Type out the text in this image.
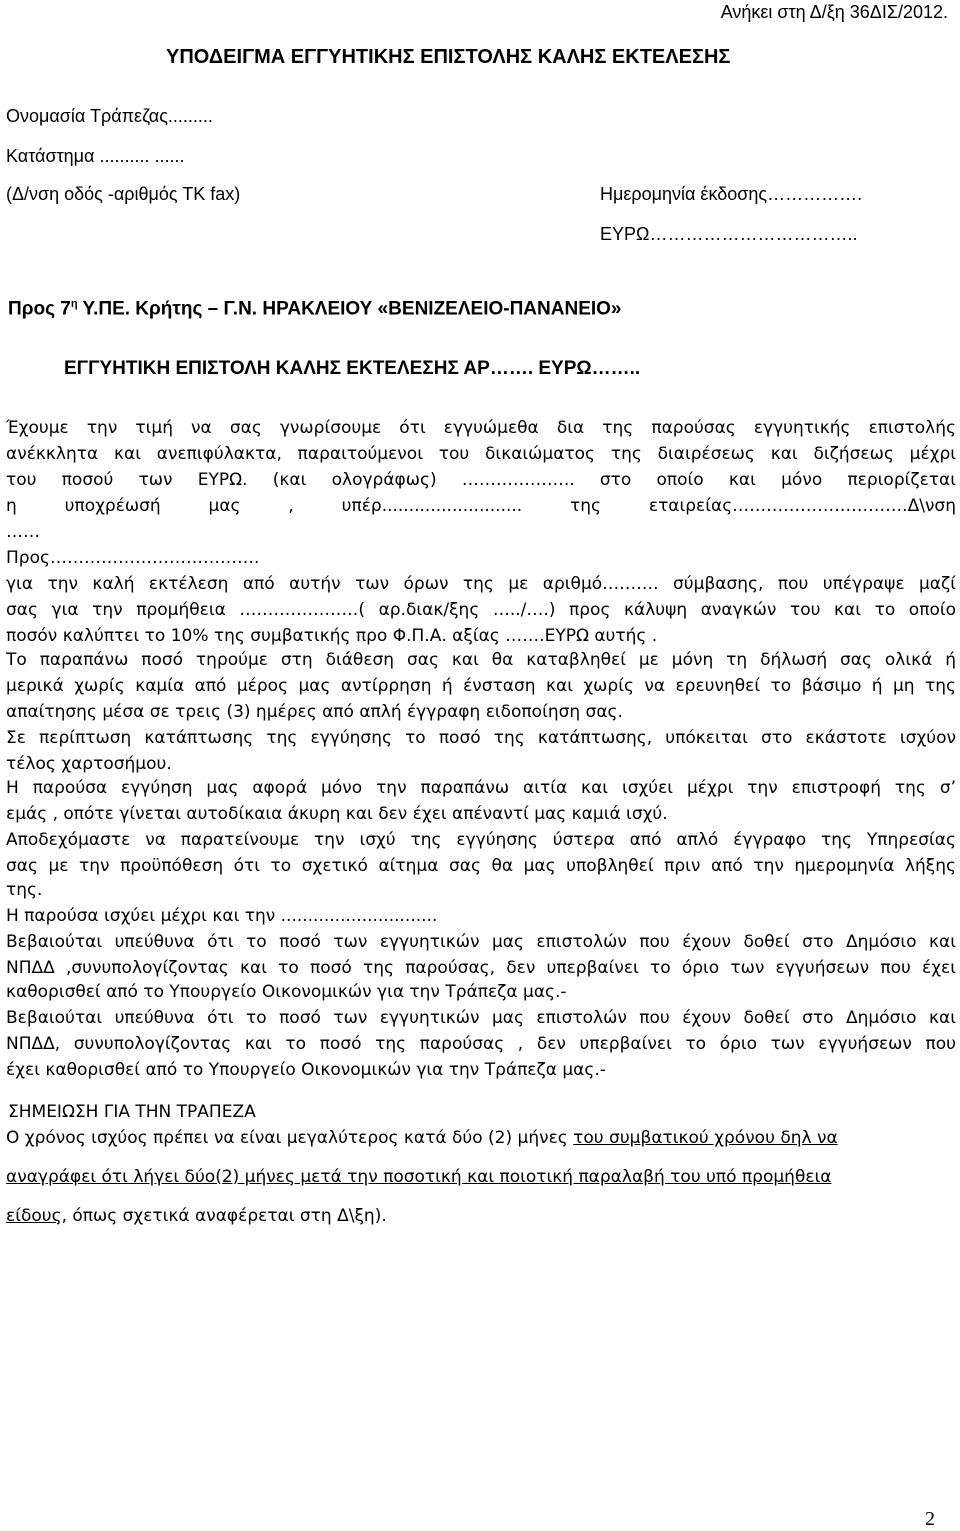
Ανήκει στη Δ/ξη 36ΔΙΣ/2012.
ΥΠΟΔΕΙΓΜΑ ΕΓΓΥΗΤΙΚΗΣ ΕΠΙΣΤΟΛΗΣ ΚΑΛΗΣ ΕΚΤΕΛΕΣΗΣ
Ονομασία Τράπεζας.........
Κατάστημα .......... ......
(Δ/νση οδός -αριθμός ΤΚ fax)	Ημερομηνία έκδοσης…………….
ΕΥΡΩ……………………………..
Προς $7^\eta$ Υ.ΠΕ. Κρήτης – Γ.Ν. ΗΡΑΚΛΕΙΟΥ «ΒΕΝΙΖΕΛΕΙΟ-ΠΑΝΑΝΕΙΟ»
ΕΓΓΥΗΤΙΚΗ ΕΠΙΣΤΟΛΗ ΚΑΛΗΣ ΕΚΤΕΛΕΣΗΣ ΑΡ……. ΕΥΡΩ……..
Έχουμε την τιμή να σας γνωρίσουμε ότι εγγυώμεθα δια της παρούσας εγγυητικής επιστολής
ανέκκλητα και ανεπιφύλακτα, παραιτούμενοι του δικαιώματος της διαιρέσεως και διζήσεως μέχρι
του ποσού των ΕΥΡΩ. (και ολογράφως) ……………….. στο οποίο και μόνο περιορίζεται
η υποχρέωσή μας , υπέρ.......................... της εταιρείας………………………….Δ\νση
……
Προς……………………………….
για την καλή εκτέλεση από αυτήν των όρων της με αριθμό………. σύμβασης, που υπέγραψε μαζί
σας για την προμήθεια …………………( αρ.διακ/ξης …../….) προς κάλυψη αναγκών του και το οποίο
ποσόν καλύπτει το 10% της συμβατικής προ Φ.Π.Α. αξίας …….ΕΥΡΩ αυτής .
Το παραπάνω ποσό τηρούμε στη διάθεση σας και θα καταβληθεί με μόνη τη δήλωσή σας ολικά ή
μερικά χωρίς καμία από μέρος μας αντίρρηση ή ένσταση και χωρίς να ερευνηθεί το βάσιμο ή μη της
απαίτησης μέσα σε τρεις (3) ημέρες από απλή έγγραφη ειδοποίηση σας.
Σε περίπτωση κατάπτωσης της εγγύησης το ποσό της κατάπτωσης, υπόκειται στο εκάστοτε ισχύον
τέλος χαρτοσήμου.
Η παρούσα εγγύηση μας αφορά μόνο την παραπάνω αιτία και ισχύει μέχρι την επιστροφή της σ’
εμάς , οπότε γίνεται αυτοδίκαια άκυρη και δεν έχει απέναντί μας καμιά ισχύ.
Αποδεχόμαστε να παρατείνουμε την ισχύ της εγγύησης ύστερα από απλό έγγραφο της Υπηρεσίας
σας με την προϋπόθεση ότι το σχετικό αίτημα σας θα μας υποβληθεί πριν από την ημερομηνία λήξης
της.
Η παρούσα ισχύει μέχρι και την .............................
Βεβαιούται υπεύθυνα ότι το ποσό των εγγυητικών μας επιστολών που έχουν δοθεί στο Δημόσιο και
ΝΠΔΔ ,συνυπολογίζοντας και το ποσό της παρούσας, δεν υπερβαίνει το όριο των εγγυήσεων που έχει
καθορισθεί από το Υπουργείο Οικονομικών για την Τράπεζα μας.-
Βεβαιούται υπεύθυνα ότι το ποσό των εγγυητικών μας επιστολών που έχουν δοθεί στο Δημόσιο και
ΝΠΔΔ, συνυπολογίζοντας και το ποσό της παρούσας , δεν υπερβαίνει το όριο των εγγυήσεων που
έχει καθορισθεί από το Υπουργείο Οικονομικών για την Τράπεζα μας.-
ΣΗΜΕΙΩΣΗ ΓΙΑ ΤΗΝ ΤΡΑΠΕΖΑ
Ο χρόνος ισχύος πρέπει να είναι μεγαλύτερος κατά δύο (2) μήνες του συμβατικού χρόνου δηλ να
αναγράφει ότι λήγει δύο(2) μήνες μετά την ποσοτική και ποιοτική παραλαβή του υπό προμήθεια
είδους, όπως σχετικά αναφέρεται στη Δ\ξη).
2
